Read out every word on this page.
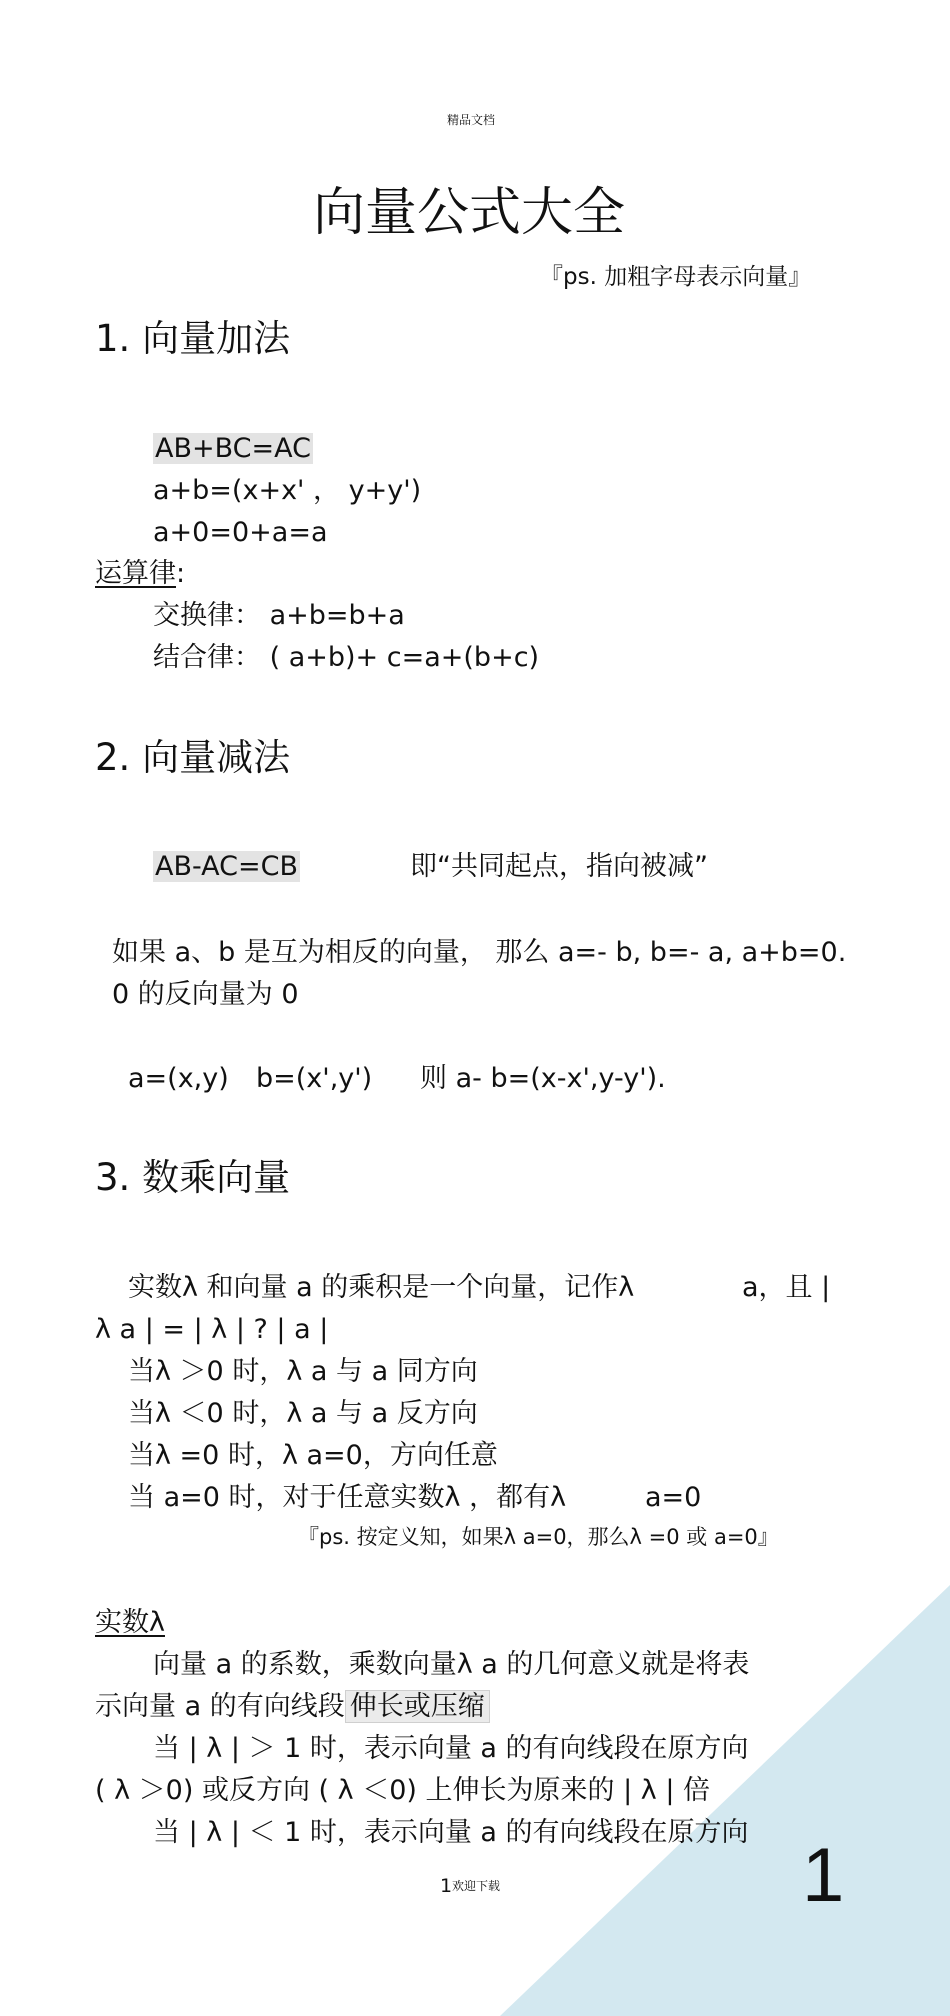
精品文档
向量公式大全
『ps. 加粗字母表示向量』
1. 向量加法
AB+BC=AC
a+b=(x+x' ， y+y')
a+0=0+a=a
运算律:
交换律： a+b=b+a
结合律： ( a+b)+ c=a+(b+c)
2. 向量减法
AB-AC=CB	即“共同起点，指向被减”
如果 a、b 是互为相反的向量， 那么 a=- b, b=- a, a+b=0.
0 的反向量为 0
a=(x,y) b=(x',y') 则 a- b=(x-x',y-y').
3. 数乘向量
实数λ 和向量 a 的乘积是一个向量，记作λ	a，且 |
λ a | = | λ | ? | a |
当λ ＞0 时，λ a 与 a 同方向
当λ ＜0 时，λ a 与 a 反方向
当λ =0 时，λ a=0，方向任意
当 a=0 时，对于任意实数λ ，都有λ	a=0
『ps. 按定义知，如果λ a=0，那么λ =0 或 a=0』
实数λ
向量 a 的系数，乘数向量λ a 的几何意义就是将表
示向量 a 的有向线段 伸长或压缩
当 | λ | ＞ 1 时，表示向量 a 的有向线段在原方向
( λ ＞0) 或反方向 ( λ ＜0) 上伸长为原来的 | λ | 倍
当 | λ | ＜ 1 时，表示向量 a 的有向线段在原方向
1 欢迎下载	1
